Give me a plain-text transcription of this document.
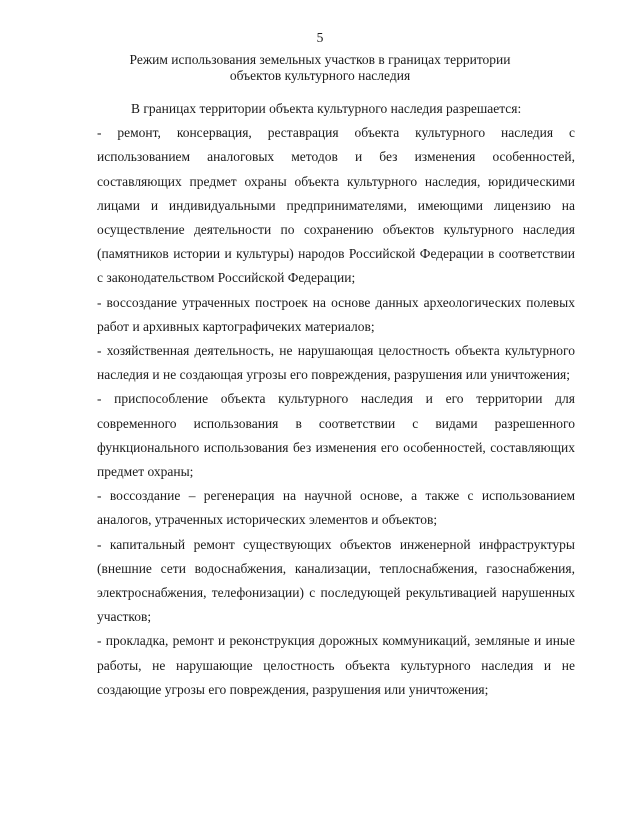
5
Режим использования земельных участков в границах территории
объектов культурного наследия

В границах территории объекта культурного наследия разрешается:

- ремонт, консервация, реставрация объекта культурного наследия с использованием аналоговых методов и без изменения особенностей, составляющих предмет охраны объекта культурного наследия, юридическими лицами и индивидуальными предпринимателями, имеющими лицензию на осуществление деятельности по сохранению объектов культурного наследия (памятников истории и культуры) народов Российской Федерации в соответствии с законодательством Российской Федерации;

- воссоздание утраченных построек на основе данных археологических полевых работ и архивных картографичеких материалов;

- хозяйственная деятельность, не нарушающая целостность объекта культурного наследия и не создающая угрозы его повреждения, разрушения или уничтожения;

- приспособление объекта культурного наследия и его территории для современного использования в соответствии с видами разрешенного функционального использования без изменения его особенностей, составляющих предмет охраны;

- воссоздание – регенерация на научной основе, а также с использованием аналогов, утраченных исторических элементов и объектов;

- капитальный ремонт существующих объектов инженерной инфраструктуры (внешние сети водоснабжения, канализации, теплоснабжения, газоснабжения, электроснабжения, телефонизации) с последующей рекультивацией нарушенных участков;

- прокладка, ремонт и реконструкция дорожных коммуникаций, земляные и иные работы, не нарушающие целостность объекта культурного наследия и не создающие угрозы его повреждения, разрушения или уничтожения;
